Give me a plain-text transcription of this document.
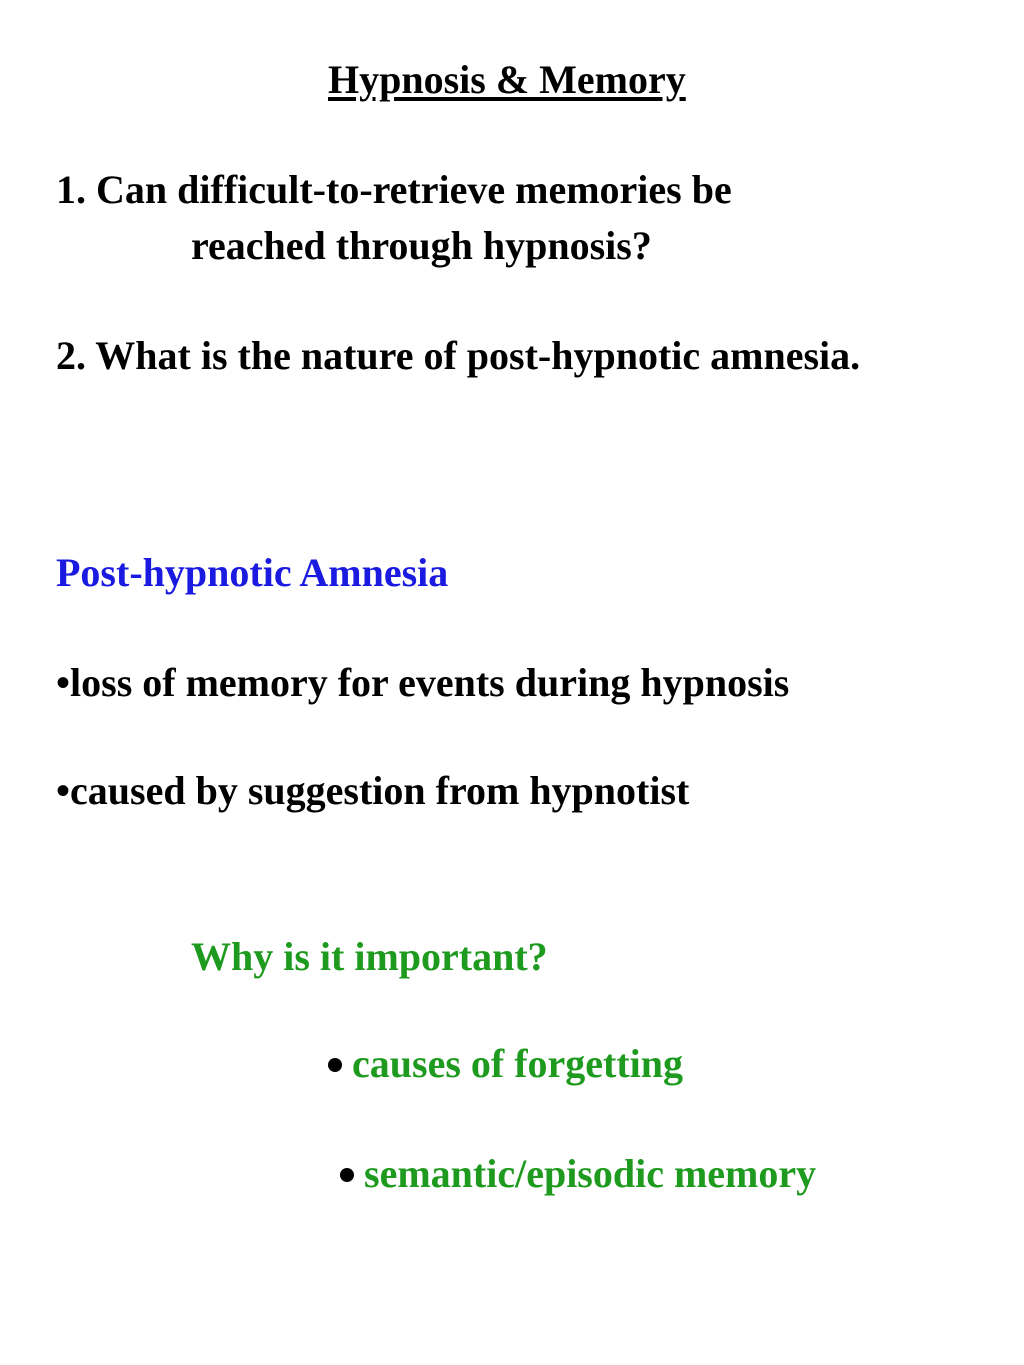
Hypnosis & Memory
1. Can difficult-to-retrieve memories be
reached through hypnosis?
2. What is the nature of post-hypnotic amnesia.
Post-hypnotic Amnesia
•loss of memory for events during hypnosis
•caused by suggestion from hypnotist
Why is it important?
causes of forgetting
semantic/episodic memory
